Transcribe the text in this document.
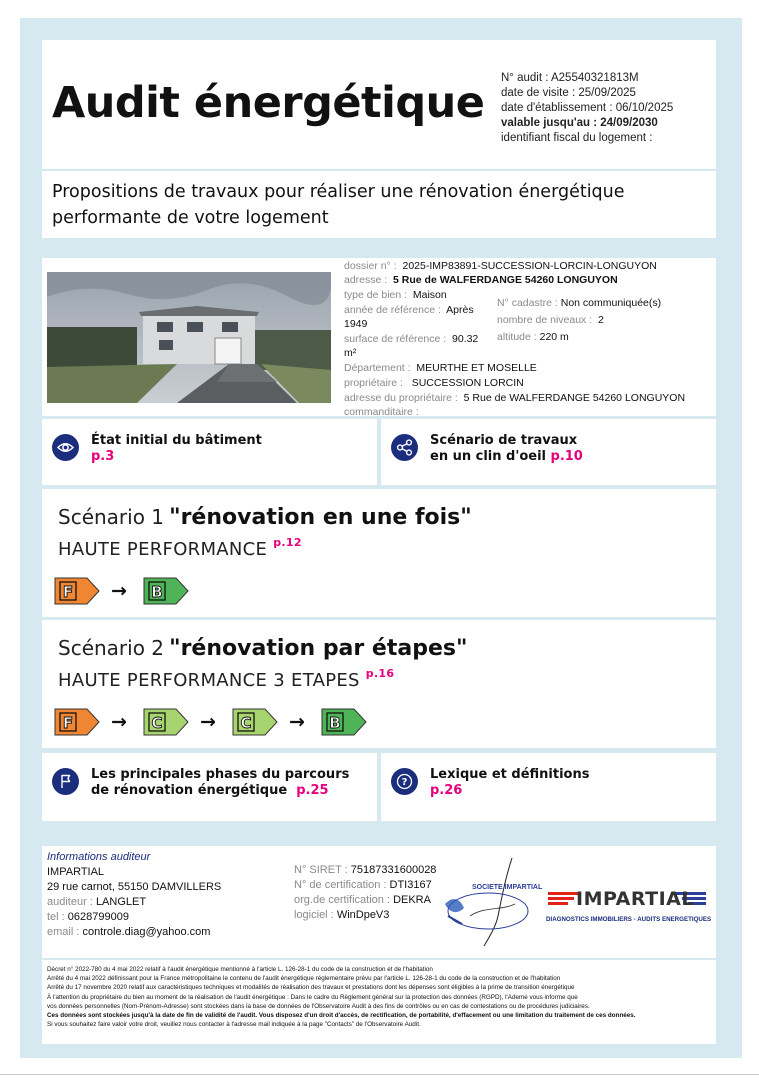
Audit énergétique N° audit : A25540321813M
date de visite : 25/09/2025
date d'établissement : 06/10/2025
valable jusqu'au : 24/09/2030
identifiant fiscal du logement :
Propositions de travaux pour réaliser une rénovation énergétique performante de votre logement
dossier n° : 2025-IMP83891-SUCCESSION-LORCIN-LONGUYON
adresse : 5 Rue de WALFERDANGE 54260 LONGUYON
type de bien : Maison
année de référence : Après
1949
surface de référence : 90.32
m²
N° cadastre : Non communiquée(s)
nombre de niveaux : 2
altitude : 220 m
Département : MEURTHE ET MOSELLE
propriétaire : SUCCESSION LORCIN
adresse du propriétaire : 5 Rue de WALFERDANGE 54260 LONGUYON
commanditaire :
État initial du bâtiment
p.3
Scénario de travaux
en un clin d'oeil p.10
Scénario 1 "rénovation en une fois"
HAUTE PERFORMANCE $^{p.12}$
F → B
Scénario 2 "rénovation par étapes"
HAUTE PERFORMANCE 3 ETAPES $^{p.16}$
F → C → C → B
Les principales phases du parcours
de rénovation énergétique p.25
?
Lexique et définitions
p.26
Informations auditeur
IMPARTIAL
29 rue carnot, 55150 DAMVILLERS
auditeur : LANGLET
tel : 0628799009
email : controle.diag@yahoo.com
N° SIRET : 75187331600028
N° de certification : DTI3167
org.de certification : DEKRA
logiciel : WinDpeV3
SOCIETE IMPARTIAL
IMPARTIAL
DIAGNOSTICS IMMOBILIERS - AUDITS ENERGETIQUES
Décret n° 2022-780 du 4 mai 2022 relatif à l'audit énergétique mentionné à l'article L. 126-28-1 du code de la construction et de l'habitation
Arrêté du 4 mai 2022 définissant pour la France métropolitaine le contenu de l'audit énergétique réglementaire prévu par l'article L. 126-28-1 du code de la construction et de l'habitation
Arrêté du 17 novembre 2020 relatif aux caractéristiques techniques et modalités de réalisation des travaux et prestations dont les dépenses sont éligibles à la prime de transition énergétique
À l'attention du propriétaire du bien au moment de la réalisation de l'audit énergétique : Dans le cadre du Règlement général sur la protection des données (RGPD), l'Ademe vous informe que
vos données personnelles (Nom-Prénom-Adresse) sont stockées dans la base de données de l'Observatoire Audit à des fins de contrôles ou en cas de contestations ou de procédures judiciaires.
Ces données sont stockées jusqu'à la date de fin de validité de l'audit. Vous disposez d'un droit d'accès, de rectification, de portabilité, d'effacement ou une limitation du traitement de ces données.
Si vous souhaitez faire valoir votre droit, veuillez nous contacter à l'adresse mail indiquée à la page "Contacts" de l'Observatoire Audit.
